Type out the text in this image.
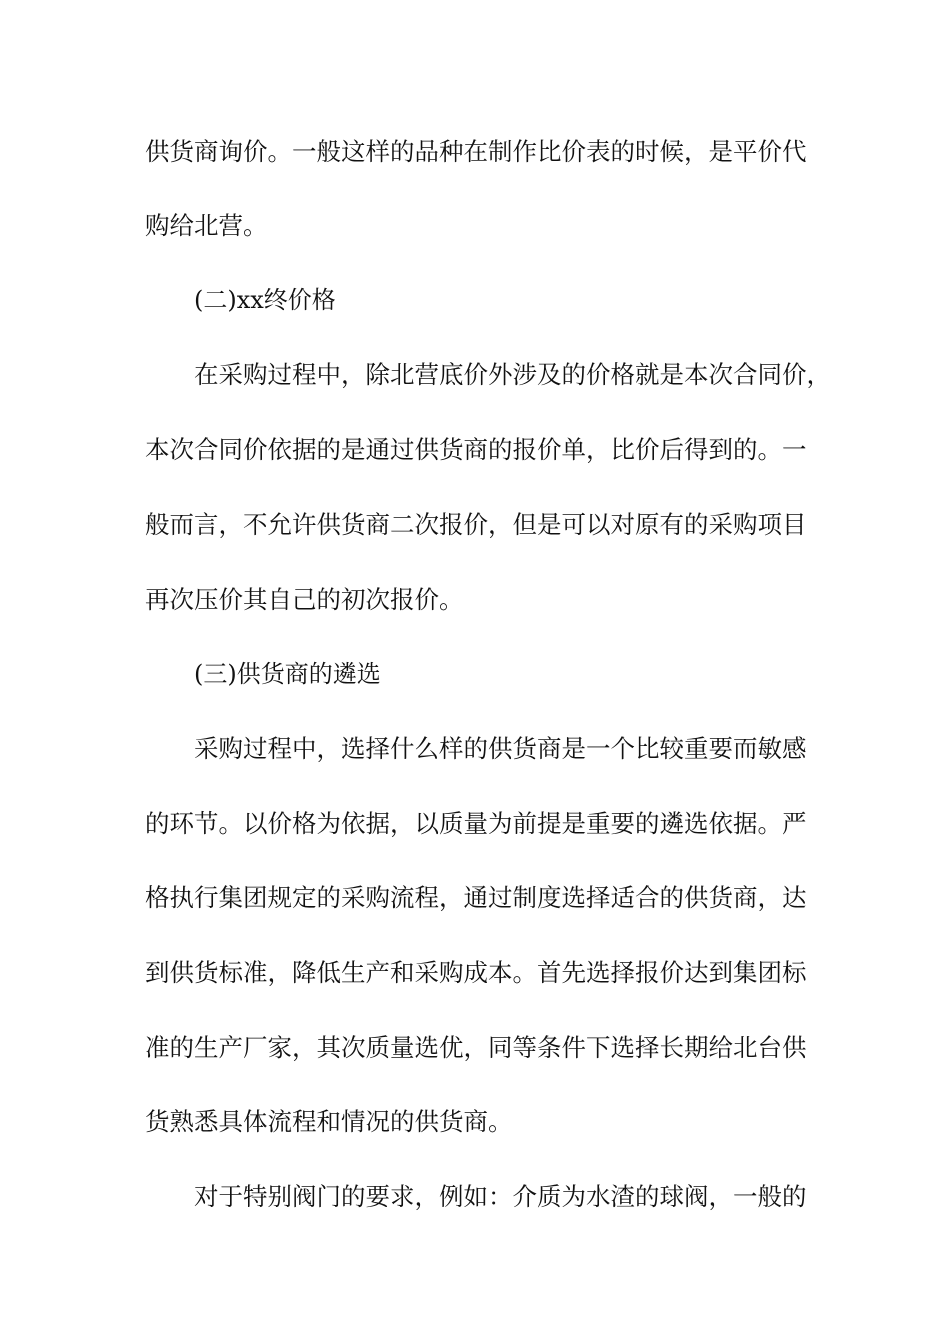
供货商询价。一般这样的品种在制作比价表的时候，是平价代
购给北营。
(二)xx终价格
在采购过程中，除北营底价外涉及的价格就是本次合同价，
本次合同价依据的是通过供货商的报价单，比价后得到的。一
般而言，不允许供货商二次报价，但是可以对原有的采购项目
再次压价其自己的初次报价。
(三)供货商的遴选
采购过程中，选择什么样的供货商是一个比较重要而敏感
的环节。以价格为依据，以质量为前提是重要的遴选依据。严
格执行集团规定的采购流程，通过制度选择适合的供货商，达
到供货标准，降低生产和采购成本。首先选择报价达到集团标
准的生产厂家，其次质量选优，同等条件下选择长期给北台供
货熟悉具体流程和情况的供货商。
对于特别阀门的要求，例如：介质为水渣的球阀，一般的
